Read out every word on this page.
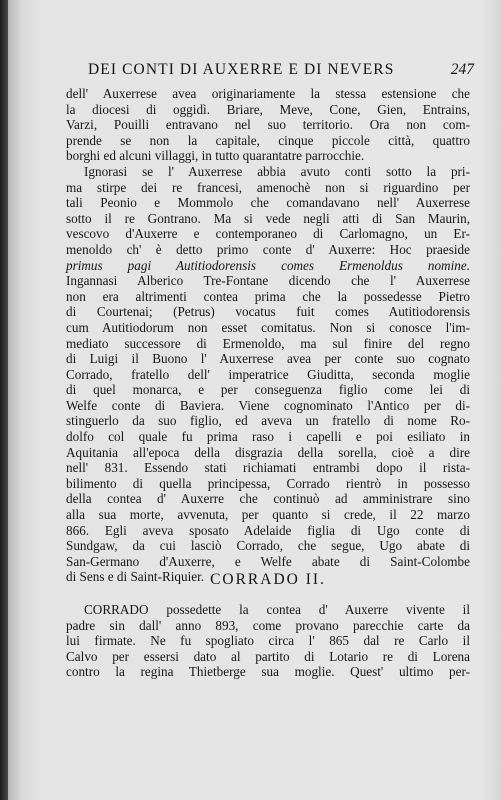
DEI CONTI DI AUXERRE E DI NEVERS	247
dell' Auxerrese avea originariamente la stessa estensione che
la diocesi di oggidì. Briare, Meve, Cone, Gien, Entrains,
Varzi, Pouilli entravano nel suo territorio. Ora non com-
prende se non la capitale, cinque piccole città, quattro
borghi ed alcuni villaggi, in tutto quarantatre parrocchie.
Ignorasi se l' Auxerrese abbia avuto conti sotto la pri-
ma stirpe dei re francesi, amenochè non si riguardino per
tali Peonio e Mommolo che comandavano nell' Auxerrese
sotto il re Gontrano. Ma si vede negli atti di San Maurin,
vescovo d'Auxerre e contemporaneo di Carlomagno, un Er-
menoldo ch' è detto primo conte d' Auxerre: Hoc praeside
primus pagi Autitiodorensis comes Ermenoldus nomine.
Ingannasi Alberico Tre-Fontane dicendo che l' Auxerrese
non era altrimenti contea prima che la possedesse Pietro
di Courtenai; (Petrus) vocatus fuit comes Autitiodorensis
cum Autitiodorum non esset comitatus. Non si conosce l'im-
mediato successore di Ermenoldo, ma sul finire del regno
di Luigi il Buono l' Auxerrese avea per conte suo cognato
Corrado, fratello dell' imperatrice Giuditta, seconda moglie
di quel monarca, e per conseguenza figlio come lei di
Welfe conte di Baviera. Viene cognominato l'Antico per di-
stinguerlo da suo figlio, ed aveva un fratello di nome Ro-
dolfo col quale fu prima raso i capelli e poi esiliato in
Aquitania all'epoca della disgrazia della sorella, cioè a dire
nell' 831. Essendo stati richiamati entrambi dopo il rista-
bilimento di quella principessa, Corrado rientrò in possesso
della contea d' Auxerre che continuò ad amministrare sino
alla sua morte, avvenuta, per quanto si crede, il 22 marzo
866. Egli aveva sposato Adelaide figlia di Ugo conte di
Sundgaw, da cui lasciò Corrado, che segue, Ugo abate di
San-Germano d'Auxerre, e Welfe abate di Saint-Colombe
di Sens e di Saint-Riquier. CORRADO II.
CORRADO possedette la contea d' Auxerre vivente il
padre sin dall' anno 893, come provano parecchie carte da
lui firmate. Ne fu spogliato circa l' 865 dal re Carlo il
Calvo per essersi dato al partito di Lotario re di Lorena
contro la regina Thietberge sua moglie. Quest' ultimo per-
